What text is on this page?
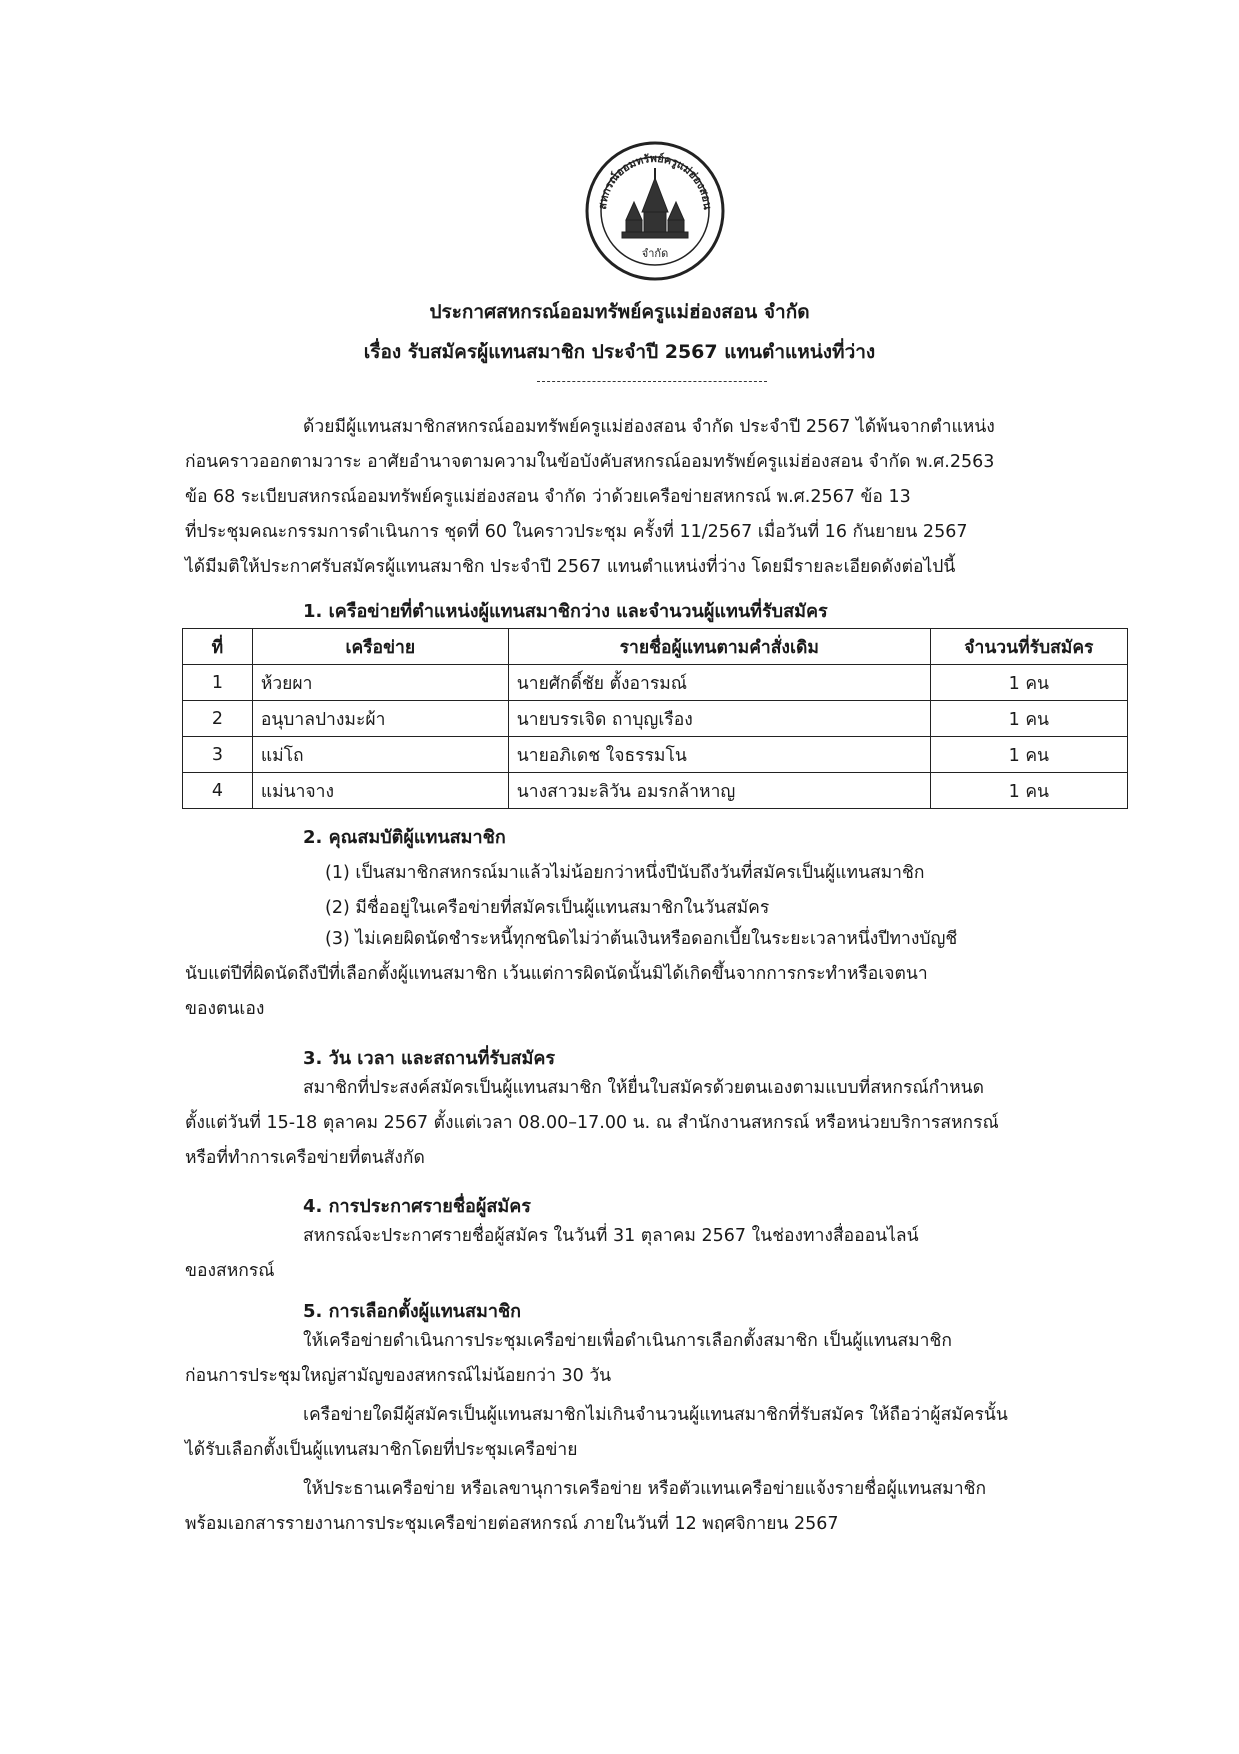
สหกรณ์ออมทรัพย์ครูแม่ฮ่องสอน
จำกัด
ประกาศสหกรณ์ออมทรัพย์ครูแม่ฮ่องสอน จำกัด
เรื่อง รับสมัครผู้แทนสมาชิก ประจำปี 2567 แทนตำแหน่งที่ว่าง
ด้วยมีผู้แทนสมาชิกสหกรณ์ออมทรัพย์ครูแม่ฮ่องสอน จำกัด ประจำปี 2567 ได้พ้นจากตำแหน่ง
ก่อนคราวออกตามวาระ อาศัยอำนาจตามความในข้อบังคับสหกรณ์ออมทรัพย์ครูแม่ฮ่องสอน จำกัด พ.ศ.2563
ข้อ 68 ระเบียบสหกรณ์ออมทรัพย์ครูแม่ฮ่องสอน จำกัด ว่าด้วยเครือข่ายสหกรณ์ พ.ศ.2567 ข้อ 13
ที่ประชุมคณะกรรมการดำเนินการ ชุดที่ 60 ในคราวประชุม ครั้งที่ 11/2567 เมื่อวันที่ 16 กันยายน 2567
ได้มีมติให้ประกาศรับสมัครผู้แทนสมาชิก ประจำปี 2567 แทนตำแหน่งที่ว่าง โดยมีรายละเอียดดังต่อไปนี้
1. เครือข่ายที่ตำแหน่งผู้แทนสมาชิกว่าง และจำนวนผู้แทนที่รับสมัคร
ที่	เครือข่าย	รายชื่อผู้แทนตามคำสั่งเดิม	จำนวนที่รับสมัคร
1	ห้วยผา	นายศักดิ์ชัย ตั้งอารมณ์	1 คน
2	อนุบาลปางมะผ้า	นายบรรเจิด ถาบุญเรือง	1 คน
3	แม่โถ	นายอภิเดช ใจธรรมโน	1 คน
4	แม่นาจาง	นางสาวมะลิวัน อมรกล้าหาญ	1 คน
2. คุณสมบัติผู้แทนสมาชิก
(1) เป็นสมาชิกสหกรณ์มาแล้วไม่น้อยกว่าหนึ่งปีนับถึงวันที่สมัครเป็นผู้แทนสมาชิก
(2) มีชื่ออยู่ในเครือข่ายที่สมัครเป็นผู้แทนสมาชิกในวันสมัคร
(3) ไม่เคยผิดนัดชำระหนี้ทุกชนิดไม่ว่าต้นเงินหรือดอกเบี้ยในระยะเวลาหนึ่งปีทางบัญชี
นับแต่ปีที่ผิดนัดถึงปีที่เลือกตั้งผู้แทนสมาชิก เว้นแต่การผิดนัดนั้นมิได้เกิดขึ้นจากการกระทำหรือเจตนา
ของตนเอง
3. วัน เวลา และสถานที่รับสมัคร
สมาชิกที่ประสงค์สมัครเป็นผู้แทนสมาชิก ให้ยื่นใบสมัครด้วยตนเองตามแบบที่สหกรณ์กำหนด
ตั้งแต่วันที่ 15-18 ตุลาคม 2567 ตั้งแต่เวลา 08.00–17.00 น. ณ สำนักงานสหกรณ์ หรือหน่วยบริการสหกรณ์
หรือที่ทำการเครือข่ายที่ตนสังกัด
4. การประกาศรายชื่อผู้สมัคร
สหกรณ์จะประกาศรายชื่อผู้สมัคร ในวันที่ 31 ตุลาคม 2567 ในช่องทางสื่อออนไลน์
ของสหกรณ์
5. การเลือกตั้งผู้แทนสมาชิก
ให้เครือข่ายดำเนินการประชุมเครือข่ายเพื่อดำเนินการเลือกตั้งสมาชิก เป็นผู้แทนสมาชิก
ก่อนการประชุมใหญ่สามัญของสหกรณ์ไม่น้อยกว่า 30 วัน
เครือข่ายใดมีผู้สมัครเป็นผู้แทนสมาชิกไม่เกินจำนวนผู้แทนสมาชิกที่รับสมัคร ให้ถือว่าผู้สมัครนั้น
ได้รับเลือกตั้งเป็นผู้แทนสมาชิกโดยที่ประชุมเครือข่าย
ให้ประธานเครือข่าย หรือเลขานุการเครือข่าย หรือตัวแทนเครือข่ายแจ้งรายชื่อผู้แทนสมาชิก
พร้อมเอกสารรายงานการประชุมเครือข่ายต่อสหกรณ์ ภายในวันที่ 12 พฤศจิกายน 2567
